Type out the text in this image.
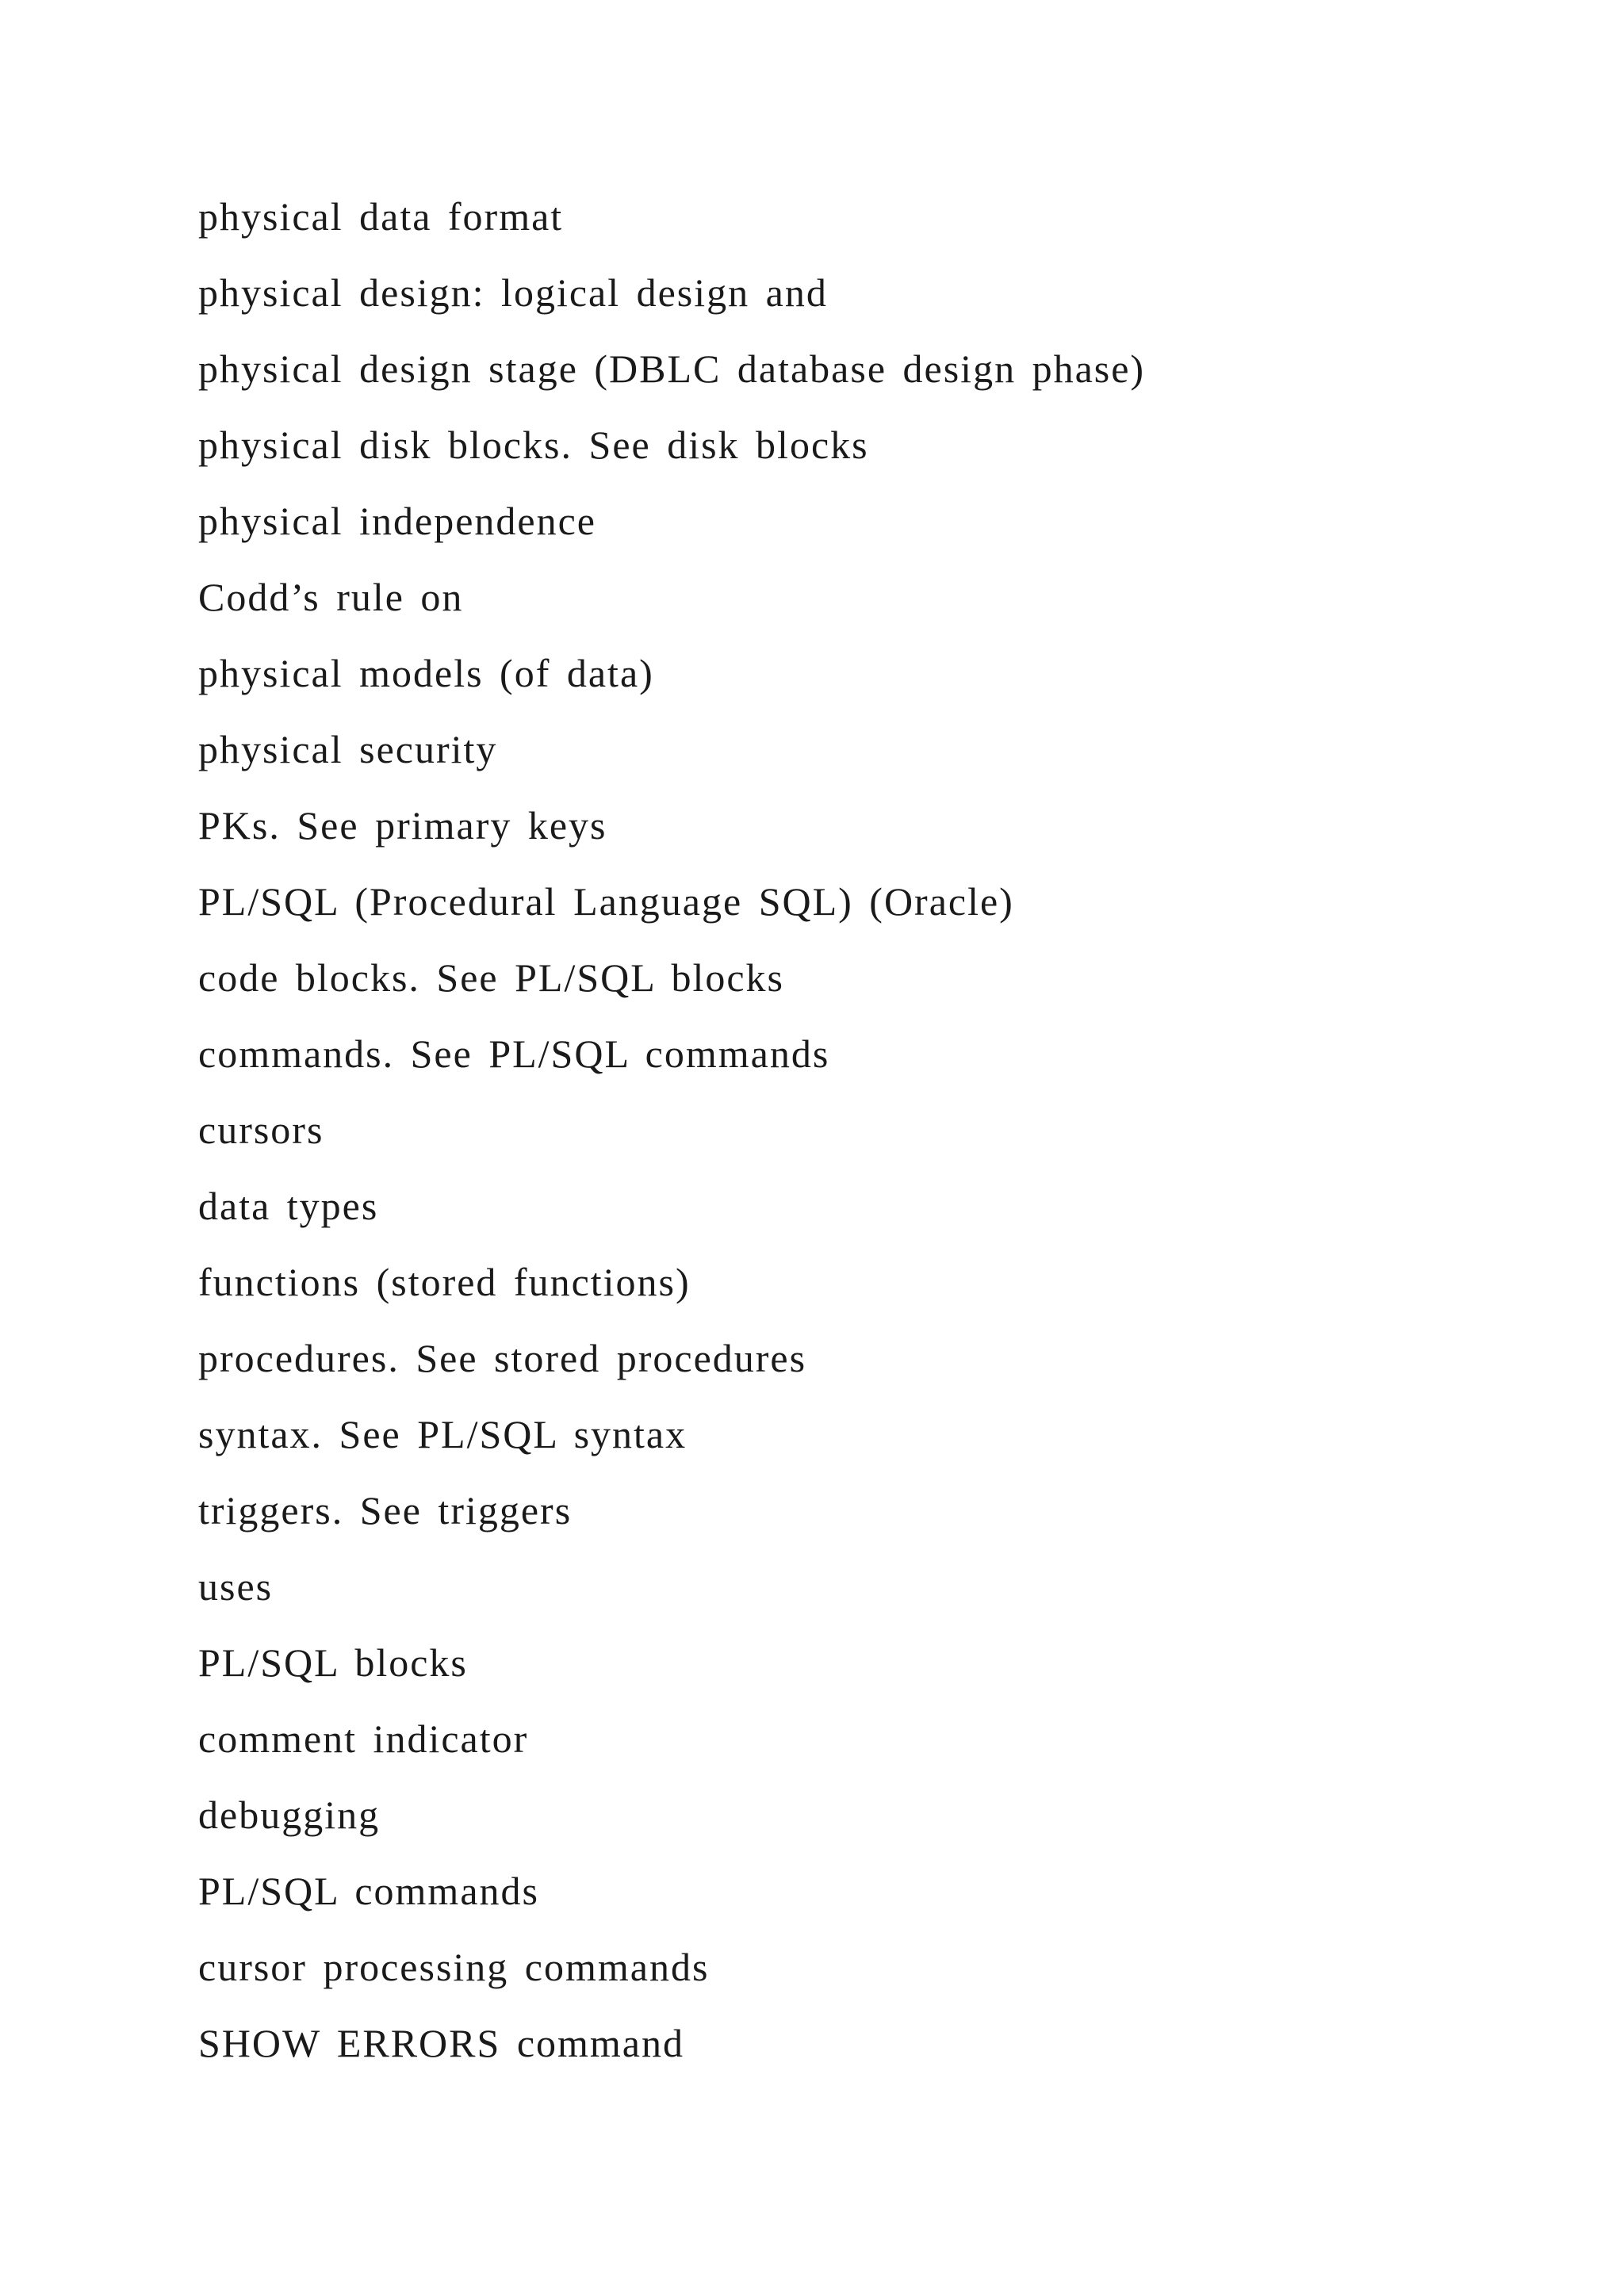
physical data format
physical design: logical design and
physical design stage (DBLC database design phase)
physical disk blocks. See disk blocks
physical independence
Codd’s rule on
physical models (of data)
physical security
PKs. See primary keys
PL/SQL (Procedural Language SQL) (Oracle)
code blocks. See PL/SQL blocks
commands. See PL/SQL commands
cursors
data types
functions (stored functions)
procedures. See stored procedures
syntax. See PL/SQL syntax
triggers. See triggers
uses
PL/SQL blocks
comment indicator
debugging
PL/SQL commands
cursor processing commands
SHOW ERRORS command
